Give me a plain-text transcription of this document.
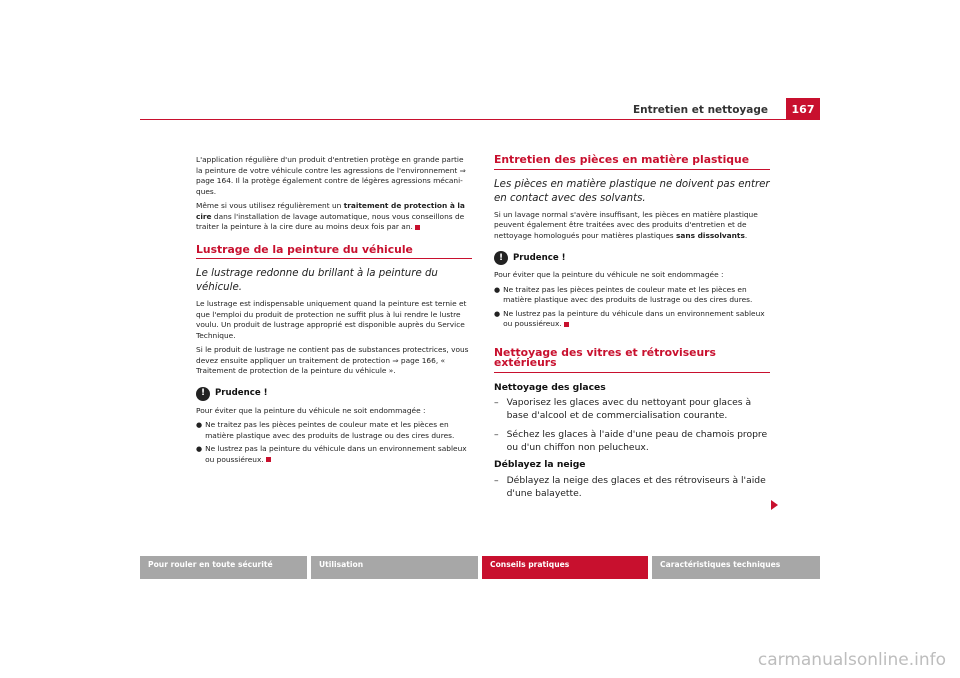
Entretien et nettoyage	167

L'application régulière d'un produit d'entretien protège en grande partie la peinture de votre véhicule contre les agressions de l'environnement ⇒ page 164. Il la protège également contre de légères agressions mécani-ques.

Même si vous utilisez régulièrement un traitement de protection à la cire dans l'installation de lavage automatique, nous vous conseillons de traiter la peinture à la cire dure au moins deux fois par an.

Lustrage de la peinture du véhicule
Le lustrage redonne du brillant à la peinture du véhicule.

Le lustrage est indispensable uniquement quand la peinture est ternie et que l'emploi du produit de protection ne suffit plus à lui rendre le lustre voulu. Un produit de lustrage approprié est disponible auprès du Service Technique.

Si le produit de lustrage ne contient pas de substances protectrices, vous devez ensuite appliquer un traitement de protection ⇒ page 166, « Traitement de protection de la peinture du véhicule ».

!	Prudence !

Pour éviter que la peinture du véhicule ne soit endommagée :

● Ne traitez pas les pièces peintes de couleur mate et les pièces en matière plastique avec des produits de lustrage ou des cires dures.
● Ne lustrez pas la peinture du véhicule dans un environnement sableux ou poussiéreux.
Entretien des pièces en matière plastique
Les pièces en matière plastique ne doivent pas entrer en contact avec des solvants.

Si un lavage normal s'avère insuffisant, les pièces en matière plastique peuvent également être traitées avec des produits d'entretien et de nettoyage homologués pour matières plastiques sans dissolvants.

!	Prudence !

Pour éviter que la peinture du véhicule ne soit endommagée :

● Ne traitez pas les pièces peintes de couleur mate et les pièces en matière plastique avec des produits de lustrage ou des cires dures.
● Ne lustrez pas la peinture du véhicule dans un environnement sableux ou poussiéreux.
Nettoyage des vitres et rétroviseurs extérieurs
Nettoyage des glaces
– Vaporisez les glaces avec du nettoyant pour glaces à base d'alcool et de commercialisation courante.
– Séchez les glaces à l'aide d'une peau de chamois propre ou d'un chiffon non pelucheux.
Déblayez la neige
– Déblayez la neige des glaces et des rétroviseurs à l'aide d'une balayette.
Pour rouler en toute sécurité	Utilisation	Conseils pratiques	Caractéristiques techniques
carmanualsonline.info
